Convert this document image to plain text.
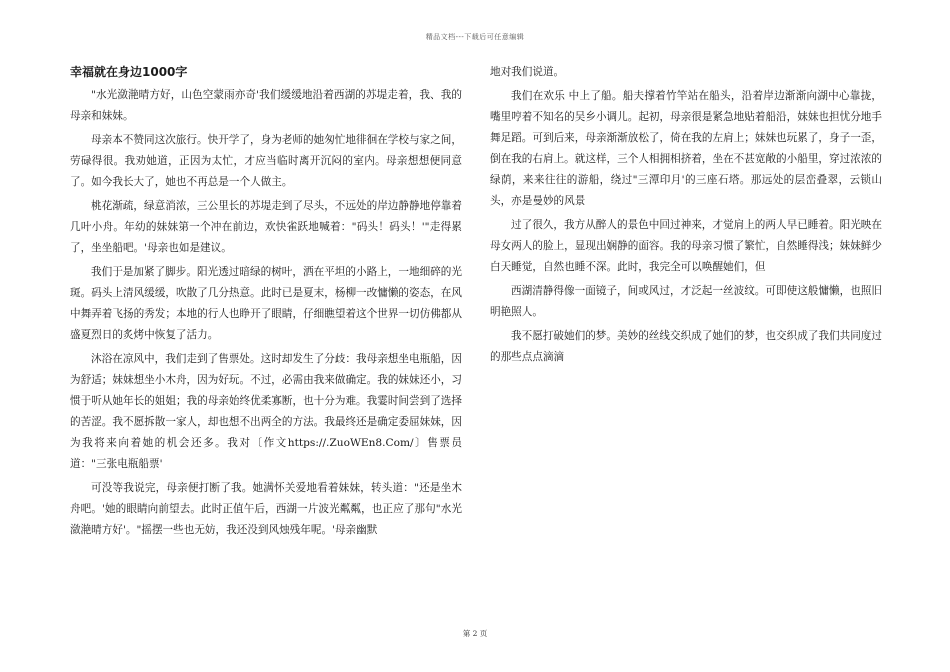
精品文档---下载后可任意编辑
幸福就在身边1000字

"水光潋滟晴方好，山色空蒙雨亦奇'我们缓缓地沿着西湖的苏堤走着，我、我的母亲和妹妹。

母亲本不赞同这次旅行。快开学了，身为老师的她匆忙地徘徊在学校与家之间，劳碌得很。我劝她道，正因为太忙，才应当临时离开沉闷的室内。母亲想想便同意了。如今我长大了，她也不再总是一个人做主。

桃花渐疏，绿意消浓，三公里长的苏堤走到了尽头，不远处的岸边静静地停靠着几叶小舟。年幼的妹妹第一个冲在前边，欢快雀跃地喊着："码头！码头！'"走得累了，坐坐船吧。'母亲也如是建议。

我们于是加紧了脚步。阳光透过暗绿的树叶，洒在平坦的小路上，一地细碎的光斑。码头上清风缓缓，吹散了几分热意。此时已是夏末，杨柳一改慵懒的姿态，在风中舞弄着飞扬的秀发；本地的行人也睁开了眼睛，仔细瞧望着这个世界一切仿佛都从盛夏烈日的炙烤中恢复了活力。

沐浴在凉风中，我们走到了售票处。这时却发生了分歧：我母亲想坐电瓶船，因为舒适；妹妹想坐小木舟，因为好玩。不过，必需由我来做确定。我的妹妹还小，习惯于听从她年长的姐姐；我的母亲始终优柔寡断，也十分为难。我霎时间尝到了选择的苦涩。我不愿拆散一家人，却也想不出两全的方法。我最终还是确定委屈妹妹，因为我将来向着她的机会还多。我对〔作文https://.ZuoWEn8.Com/〕售票员道："三张电瓶船票'

可没等我说完，母亲便打断了我。她满怀关爱地看着妹妹，转头道："还是坐木舟吧。'她的眼睛向前望去。此时正值午后，西湖一片波光粼粼，也正应了那句"水光潋滟晴方好'。"摇摆一些也无妨，我还没到风烛残年呢。'母亲幽默

地对我们说道。

我们在欢乐 中上了船。船夫撑着竹竿站在船头，沿着岸边渐渐向湖中心靠拢，嘴里哼着不知名的吴乡小调儿。起初，母亲很是紧急地贴着船沿，妹妹也担忧分地手舞足蹈。可到后来，母亲渐渐放松了，倚在我的左肩上；妹妹也玩累了，身子一歪，倒在我的右肩上。就这样，三个人相拥相挤着，坐在不甚宽敞的小船里，穿过浓浓的绿荫，来来往往的游船，绕过"三潭印月'的三座石塔。那远处的层峦叠翠，云锁山头，亦是曼妙的风景

过了很久，我方从醉人的景色中回过神来，才觉肩上的两人早已睡着。阳光映在母女两人的脸上，显现出娴静的面容。我的母亲习惯了繁忙，自然睡得浅；妹妹鲜少白天睡觉，自然也睡不深。此时，我完全可以唤醒她们，但

西湖清静得像一面镜子，间或风过，才泛起一丝波纹。可即使这般慵懒，也照旧明艳照人。

我不愿打破她们的梦。美妙的丝线交织成了她们的梦，也交织成了我们共同度过的那些点点滴滴

第 2 页
